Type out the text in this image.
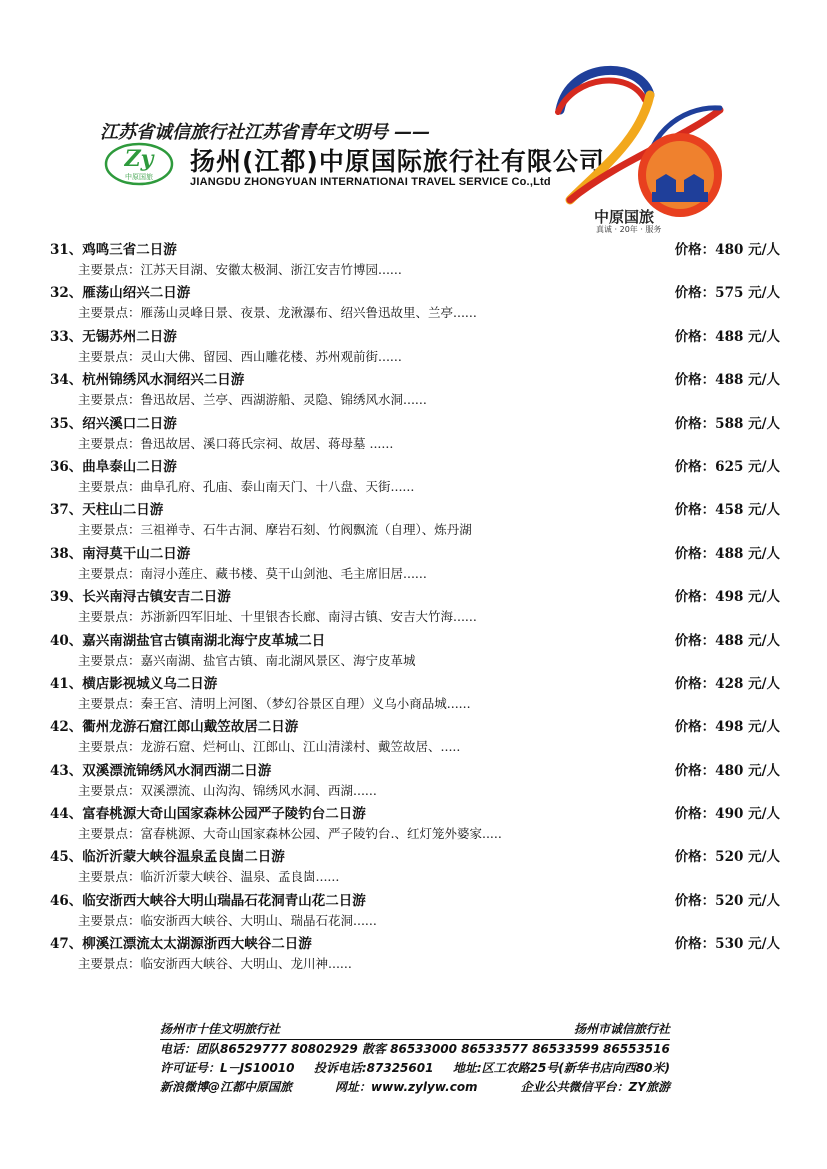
江苏省诚信旅行社江苏省青年文明号 ——
Zy
中原国旅
扬州(江都)中原国际旅行社有限公司
JIANGDU ZHONGYUAN INTERNATIONAI TRAVEL SERVICE Co.,Ltd
中原国旅
真诚 · 20年 · 服务
31、鸡鸣三省二日游	价格：480 元/人
主要景点：江苏天目湖、安徽太极洞、浙江安吉竹博园......
32、雁荡山绍兴二日游	价格：575 元/人
主要景点：雁荡山灵峰日景、夜景、龙湫瀑布、绍兴鲁迅故里、兰亭......
33、无锡苏州二日游	价格：488 元/人
主要景点：灵山大佛、留园、西山雕花楼、苏州观前街......
34、杭州锦绣风水洞绍兴二日游	价格：488 元/人
主要景点：鲁迅故居、兰亭、西湖游船、灵隐、锦绣风水洞......
35、绍兴溪口二日游	价格：588 元/人
主要景点：鲁迅故居、溪口蒋氏宗祠、故居、蒋母墓 ......
36、曲阜泰山二日游	价格：625 元/人
主要景点：曲阜孔府、孔庙、泰山南天门、十八盘、天街......
37、天柱山二日游	价格：458 元/人
主要景点：三祖禅寺、石牛古洞、摩岩石刻、竹阀飘流（自理）、炼丹湖
38、南浔莫干山二日游	价格：488 元/人
主要景点：南浔小莲庄、藏书楼、莫干山剑池、毛主席旧居......
39、长兴南浔古镇安吉二日游	价格：498 元/人
主要景点：苏浙新四军旧址、十里银杏长廊、南浔古镇、安吉大竹海......
40、嘉兴南湖盐官古镇南湖北海宁皮革城二日	价格：488 元/人
主要景点：嘉兴南湖、盐官古镇、南北湖风景区、海宁皮革城
41、横店影视城义乌二日游	价格：428 元/人
主要景点：秦王宫、清明上河图、（梦幻谷景区自理）义乌小商品城......
42、衢州龙游石窟江郎山戴笠故居二日游	价格：498 元/人
主要景点：龙游石窟、烂柯山、江郎山、江山清漾村、戴笠故居、.....
43、双溪漂流锦绣风水洞西湖二日游	价格：480 元/人
主要景点：双溪漂流、山沟沟、锦绣风水洞、西湖......
44、富春桃源大奇山国家森林公园严子陵钓台二日游	价格：490 元/人
主要景点：富春桃源、大奇山国家森林公园、严子陵钓台.、红灯笼外婆家.....
45、临沂沂蒙大峡谷温泉孟良崮二日游	价格：520 元/人
主要景点：临沂沂蒙大峡谷、温泉、孟良崮......
46、临安浙西大峡谷大明山瑞晶石花洞青山花二日游	价格：520 元/人
主要景点：临安浙西大峡谷、大明山、瑞晶石花洞......
47、柳溪江漂流太太湖源浙西大峡谷二日游	价格：530 元/人
主要景点：临安浙西大峡谷、大明山、龙川神......
扬州市十佳文明旅行社	扬州市诚信旅行社
电话：团队86529777 80802929 散客 86533000 86533577 86533599 86553516
许可证号：L－JS10010 投诉电话:87325601 地址:区工农路25号(新华书店向西80米)
新浪微博@江都中原国旅	网址：www.zylyw.com	企业公共微信平台：ZY旅游
